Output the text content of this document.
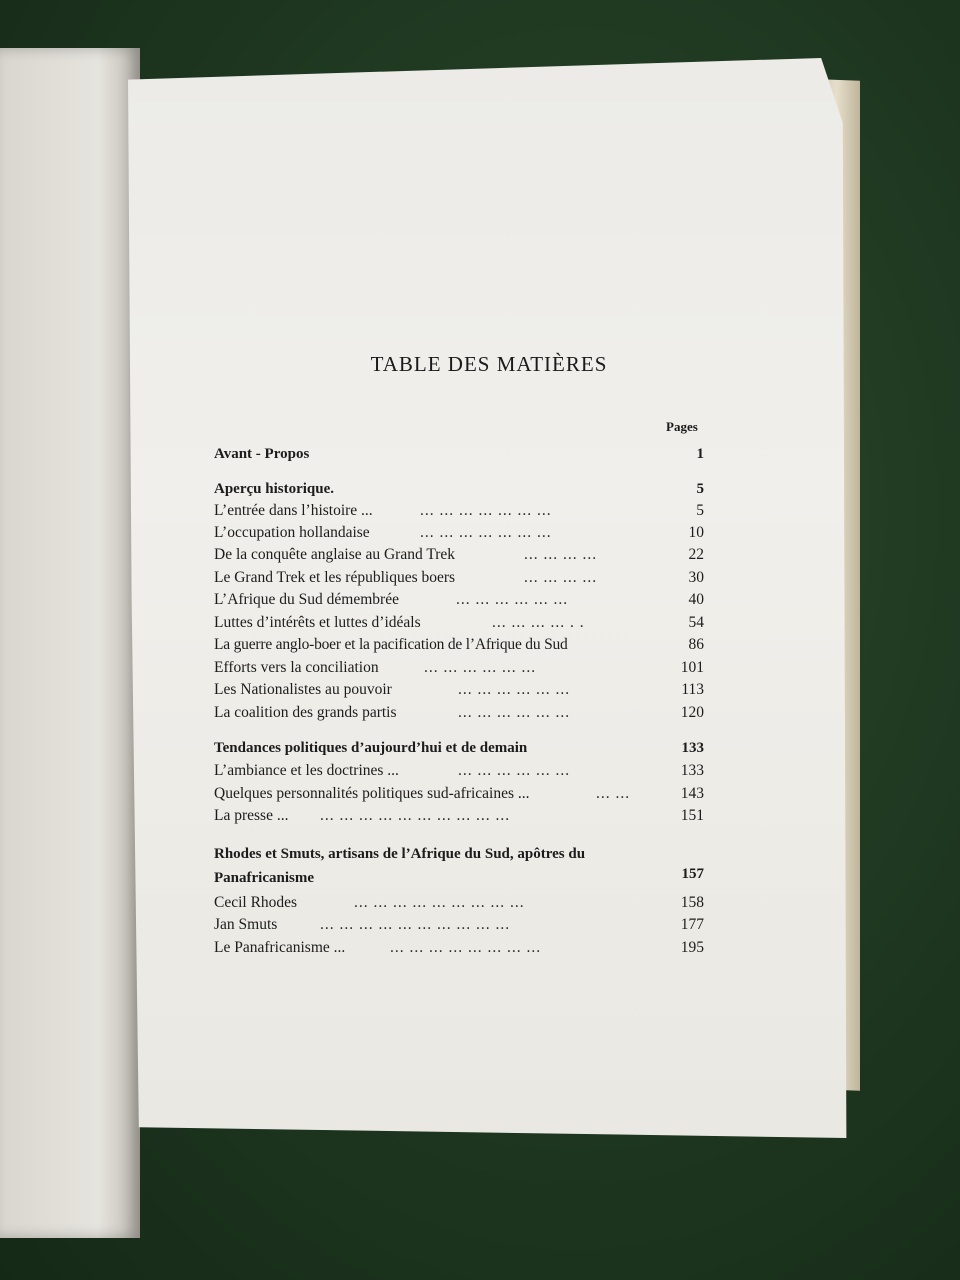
TABLE DES MATIÈRES
Pages
Avant - Propos	1
Aperçu historique.	5
L’entrée dans l’histoire ...	... ... ... ... ... ... ...	5
L’occupation hollandaise	... ... ... ... ... ... ...	10
De la conquête anglaise au Grand Trek	... ... ... ...	22
Le Grand Trek et les républiques boers	... ... ... ...	30
L’Afrique du Sud démembrée	... ... ... ... ... ...	40
Luttes d’intérêts et luttes d’idéals	... ... ... ... . .	54
La guerre anglo-boer et la pacification de l’Afrique du Sud	86
Efforts vers la conciliation	... ... ... ... ... ...	101
Les Nationalistes au pouvoir	... ... ... ... ... ...	113
La coalition des grands partis	... ... ... ... ... ...	120
Tendances politiques d’aujourd’hui et de demain	133
L’ambiance et les doctrines ...	... ... ... ... ... ...	133
Quelques personnalités politiques sud-africaines ...	... ...	143
La presse ... ... ... ... ... ... ... ... ... ... ...	151
Rhodes et Smuts, artisans de l’Afrique du Sud, apôtres du
Panafricanisme	157
Cecil Rhodes	... ... ... ... ... ... ... ... ...	158
Jan Smuts	... ... ... ... ... ... ... ... ... ...	177
Le Panafricanisme ...	... ... ... ... ... ... ... ...	195
